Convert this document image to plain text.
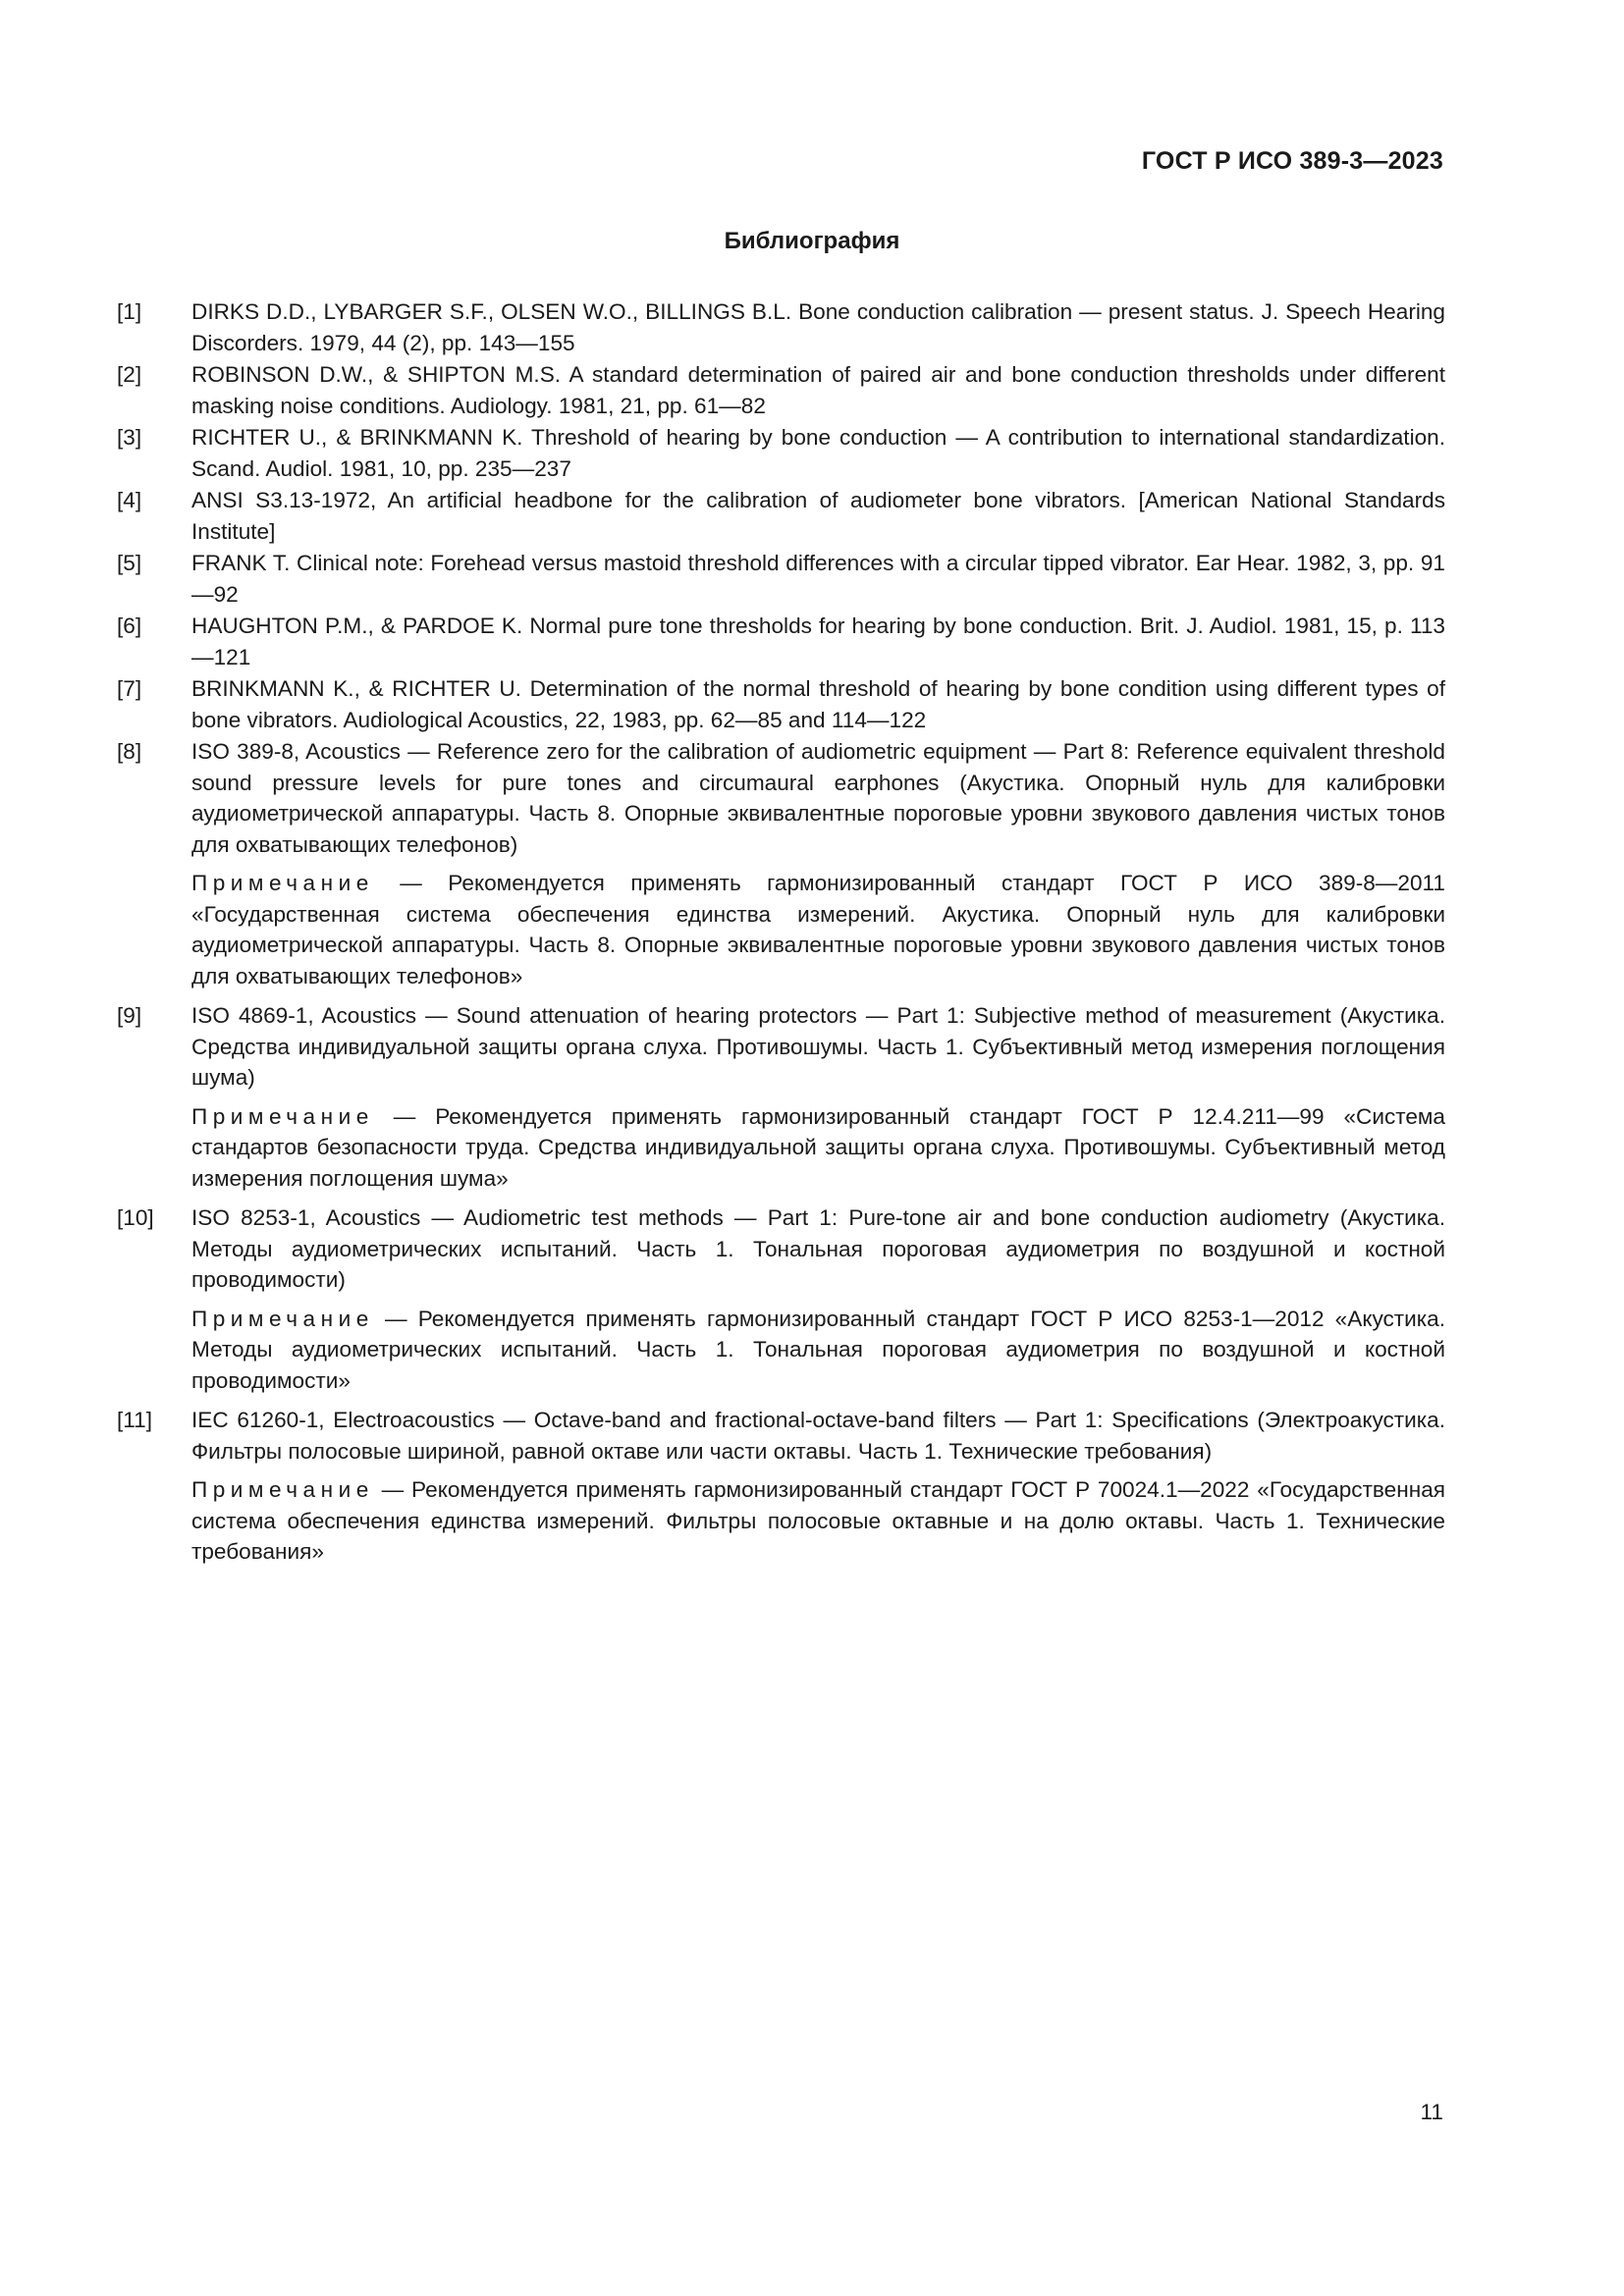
ГОСТ Р ИСО 389-3—2023
Библиография
[1]	DIRKS D.D., LYBARGER S.F., OLSEN W.O., BILLINGS B.L. Bone conduction calibration — present status. J. Speech Hearing Discorders. 1979, 44 (2), pp. 143—155
[2]	ROBINSON D.W., & SHIPTON M.S. A standard determination of paired air and bone conduction thresholds under different masking noise conditions. Audiology. 1981, 21, pp. 61—82
[3]	RICHTER U., & BRINKMANN K. Threshold of hearing by bone conduction — A contribution to international standardization. Scand. Audiol. 1981, 10, pp. 235—237
[4]	ANSI S3.13-1972, An artificial headbone for the calibration of audiometer bone vibrators. [American National Standards Institute]
[5]	FRANK T. Clinical note: Forehead versus mastoid threshold differences with a circular tipped vibrator. Ear Hear. 1982, 3, pp. 91—92
[6]	HAUGHTON P.M., & PARDOE K. Normal pure tone thresholds for hearing by bone conduction. Brit. J. Audiol. 1981, 15, p. 113—121
[7]	BRINKMANN K., & RICHTER U. Determination of the normal threshold of hearing by bone condition using different types of bone vibrators. Audiological Acoustics, 22, 1983, pp. 62—85 and 114—122
[8]	ISO 389-8, Acoustics — Reference zero for the calibration of audiometric equipment — Part 8: Reference equivalent threshold sound pressure levels for pure tones and circumaural earphones (Акустика. Опорный нуль для калибровки аудиометрической аппаратуры. Часть 8. Опорные эквивалентные пороговые уровни звукового давления чистых тонов для охватывающих телефонов)
Примечание — Рекомендуется применять гармонизированный стандарт ГОСТ Р ИСО 389-8—2011 «Государственная система обеспечения единства измерений. Акустика. Опорный нуль для калибровки аудиометрической аппаратуры. Часть 8. Опорные эквивалентные пороговые уровни звукового давления чистых тонов для охватывающих телефонов»
[9]	ISO 4869-1, Acoustics — Sound attenuation of hearing protectors — Part 1: Subjective method of measurement (Акустика. Средства индивидуальной защиты органа слуха. Противошумы. Часть 1. Субъективный метод измерения поглощения шума)
Примечание — Рекомендуется применять гармонизированный стандарт ГОСТ Р 12.4.211—99 «Система стандартов безопасности труда. Средства индивидуальной защиты органа слуха. Противошумы. Субъективный метод измерения поглощения шума»
[10]	ISO 8253-1, Acoustics — Audiometric test methods — Part 1: Pure-tone air and bone conduction audiometry (Акустика. Методы аудиометрических испытаний. Часть 1. Тональная пороговая аудиометрия по воздушной и костной проводимости)
Примечание — Рекомендуется применять гармонизированный стандарт ГОСТ Р ИСО 8253-1—2012 «Акустика. Методы аудиометрических испытаний. Часть 1. Тональная пороговая аудиометрия по воздушной и костной проводимости»
[11]	IEC 61260-1, Electroacoustics — Octave-band and fractional-octave-band filters — Part 1: Specifications (Электроакустика. Фильтры полосовые шириной, равной октаве или части октавы. Часть 1. Технические требования)
Примечание — Рекомендуется применять гармонизированный стандарт ГОСТ Р 70024.1—2022 «Государственная система обеспечения единства измерений. Фильтры полосовые октавные и на долю октавы. Часть 1. Технические требования»
11
